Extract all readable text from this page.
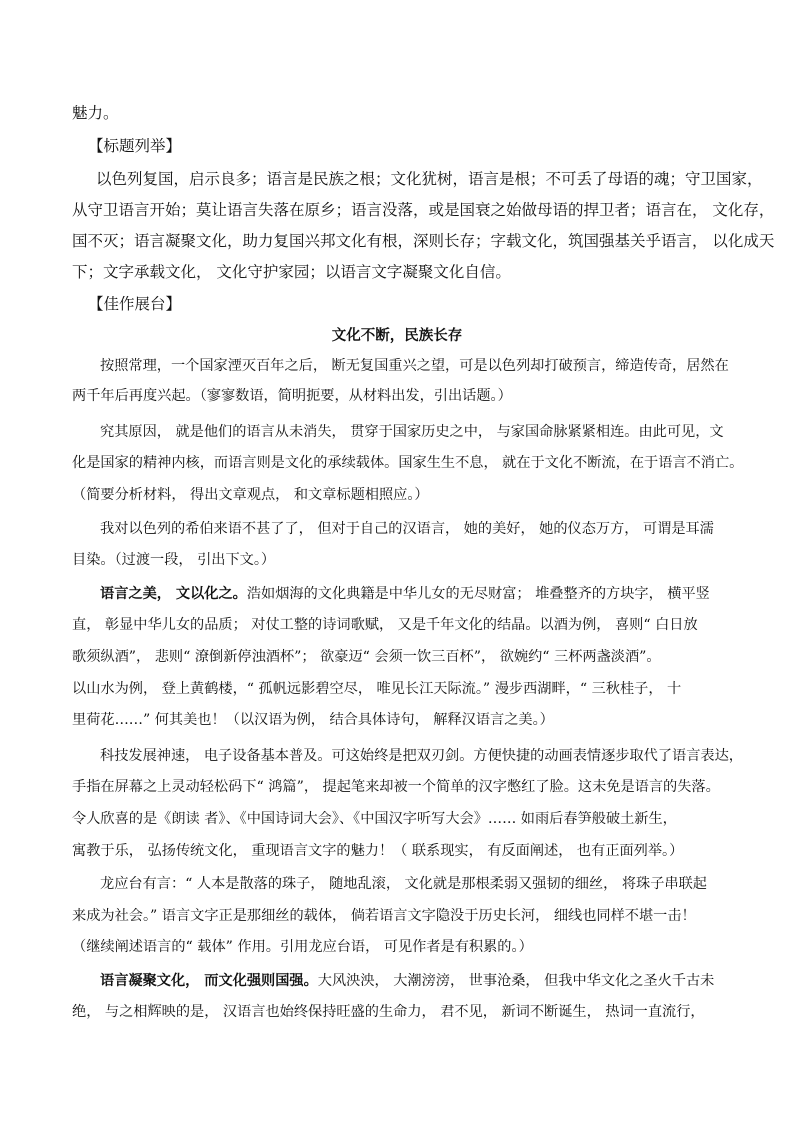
魅力。
【标题列举】
以色列复国，启示良多；语言是民族之根；文化犹树，语言是根；不可丢了母语的魂；守卫国家，
从守卫语言开始；莫让语言失落在原乡；语言没落，或是国衰之始做母语的捍卫者；语言在， 文化存，
国不灭；语言凝聚文化，助力复国兴邦文化有根，深则长存；字载文化，筑国强基关乎语言， 以化成天
下；文字承载文化， 文化守护家园；以语言文字凝聚文化自信。
【佳作展台】
文化不断，民族长存
按照常理，一个国家湮灭百年之后， 断无复国重兴之望，可是以色列却打破预言，缔造传奇，居然在
两千年后再度兴起。（寥寥数语，简明扼要，从材料出发，引出话题。）
究其原因， 就是他们的语言从未消失， 贯穿于国家历史之中， 与家国命脉紧紧相连。由此可见，文
化是国家的精神内核，而语言则是文化的承续载体。国家生生不息， 就在于文化不断流，在于语言不消亡。
（简要分析材料， 得出文章观点， 和文章标题相照应。）
我对以色列的希伯来语不甚了了， 但对于自己的汉语言， 她的美好， 她的仪态万方， 可谓是耳濡
目染。（过渡一段， 引出下文。）
语言之美， 文以化之。浩如烟海的文化典籍是中华儿女的无尽财富； 堆叠整齐的方块字， 横平竖
直， 彰显中华儿女的品质； 对仗工整的诗词歌赋， 又是千年文化的结晶。以酒为例， 喜则“ 白日放
歌须纵酒”， 悲则“ 潦倒新停浊酒杯”； 欲豪迈“ 会须一饮三百杯”， 欲婉约“ 三杯两盏淡酒”。
以山水为例， 登上黄鹤楼，“ 孤帆远影碧空尽， 唯见长江天际流。” 漫步西湖畔，“ 三秋桂子， 十
里荷花……” 何其美也！（以汉语为例， 结合具体诗句， 解释汉语言之美。）
科技发展神速， 电子设备基本普及。可这始终是把双刃剑。方便快捷的动画表情逐步取代了语言表达，
手指在屏幕之上灵动轻松码下“ 鸿篇”， 提起笔来却被一个简单的汉字憋红了脸。这未免是语言的失落。
令人欣喜的是《朗读 者》、《中国诗词大会》、《中国汉字听写大会》…… 如雨后春笋般破土新生，
寓教于乐， 弘扬传统文化， 重现语言文字的魅力！（ 联系现实， 有反面阐述， 也有正面列举。）
龙应台有言：“ 人本是散落的珠子， 随地乱滚， 文化就是那根柔弱又强韧的细丝， 将珠子串联起
来成为社会。” 语言文字正是那细丝的载体， 倘若语言文字隐没于历史长河， 细线也同样不堪一击！
（继续阐述语言的“ 载体” 作用。引用龙应台语， 可见作者是有积累的。）
语言凝聚文化， 而文化强则国强。大风泱泱， 大潮滂滂， 世事沧桑， 但我中华文化之圣火千古未
绝， 与之相辉映的是， 汉语言也始终保持旺盛的生命力， 君不见， 新词不断诞生， 热词一直流行，
